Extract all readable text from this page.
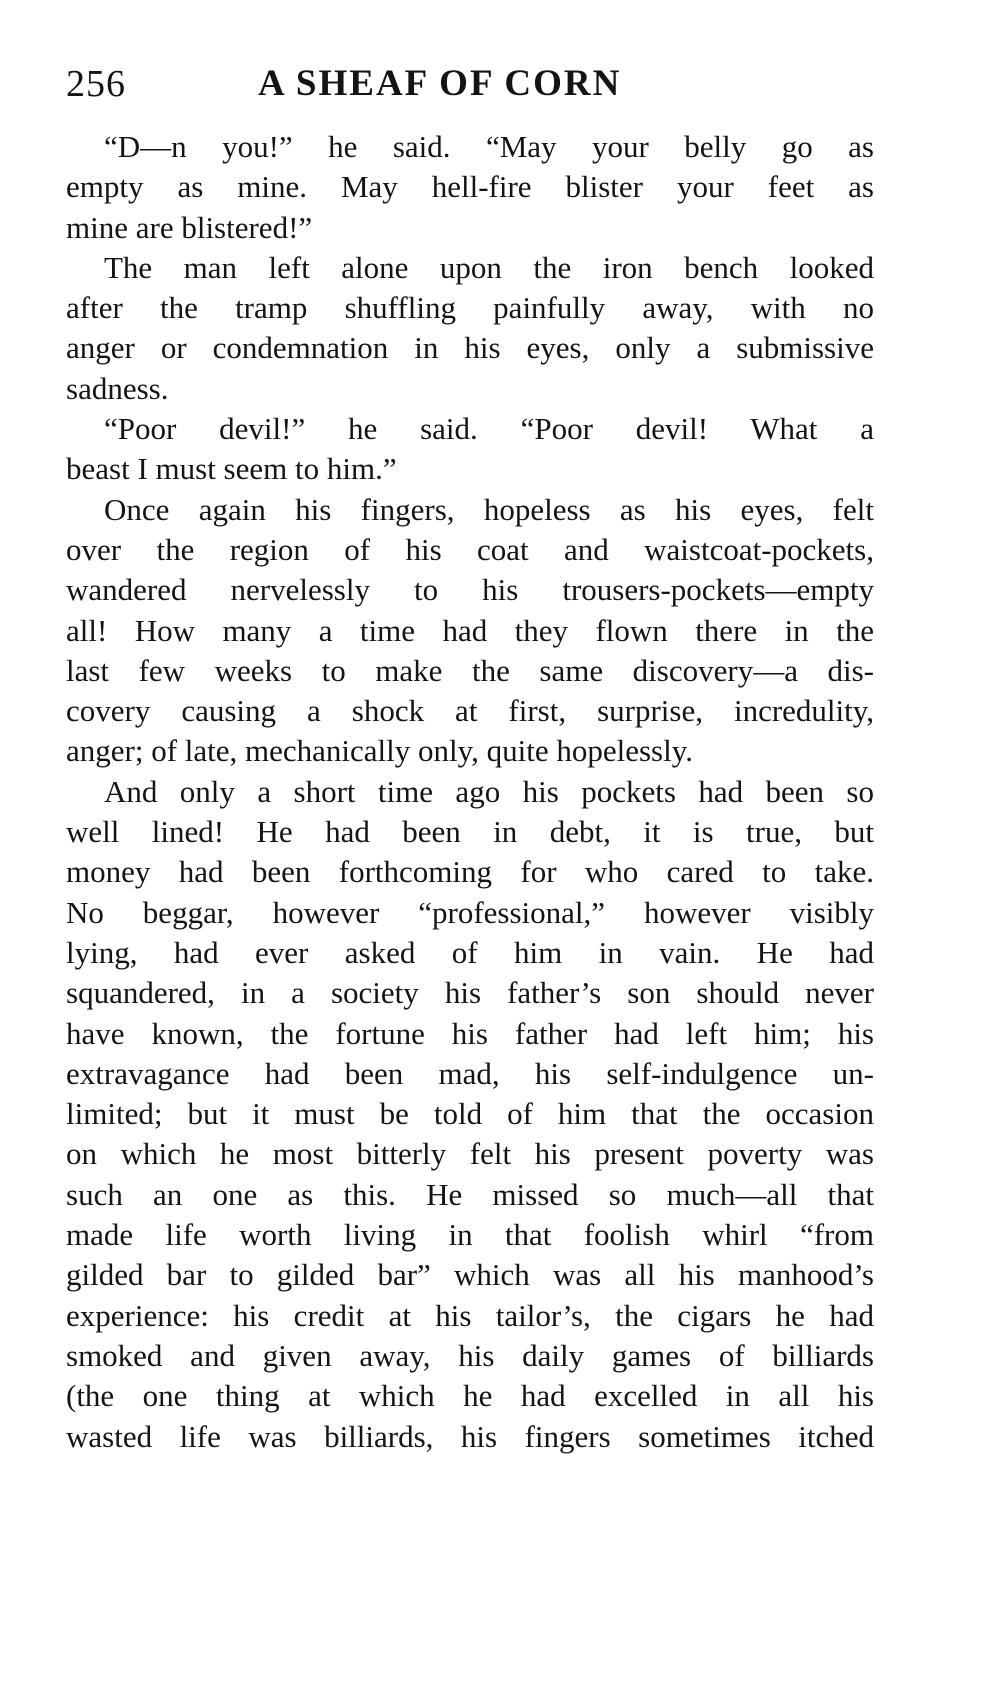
256	A SHEAF OF CORN
“D—n you!” he said. “May your belly go as
empty as mine. May hell-fire blister your feet as
mine are blistered!”
The man left alone upon the iron bench looked
after the tramp shuffling painfully away, with no
anger or condemnation in his eyes, only a submissive
sadness.
“Poor devil!” he said. “Poor devil! What a
beast I must seem to him.”
Once again his fingers, hopeless as his eyes, felt
over the region of his coat and waistcoat-pockets,
wandered nervelessly to his trousers-pockets—empty
all! How many a time had they flown there in the
last few weeks to make the same discovery—a dis-
covery causing a shock at first, surprise, incredulity,
anger; of late, mechanically only, quite hopelessly.
And only a short time ago his pockets had been so
well lined! He had been in debt, it is true, but
money had been forthcoming for who cared to take.
No beggar, however “professional,” however visibly
lying, had ever asked of him in vain. He had
squandered, in a society his father’s son should never
have known, the fortune his father had left him; his
extravagance had been mad, his self-indulgence un-
limited; but it must be told of him that the occasion
on which he most bitterly felt his present poverty was
such an one as this. He missed so much—all that
made life worth living in that foolish whirl “from
gilded bar to gilded bar” which was all his manhood’s
experience: his credit at his tailor’s, the cigars he had
smoked and given away, his daily games of billiards
(the one thing at which he had excelled in all his
wasted life was billiards, his fingers sometimes itched
